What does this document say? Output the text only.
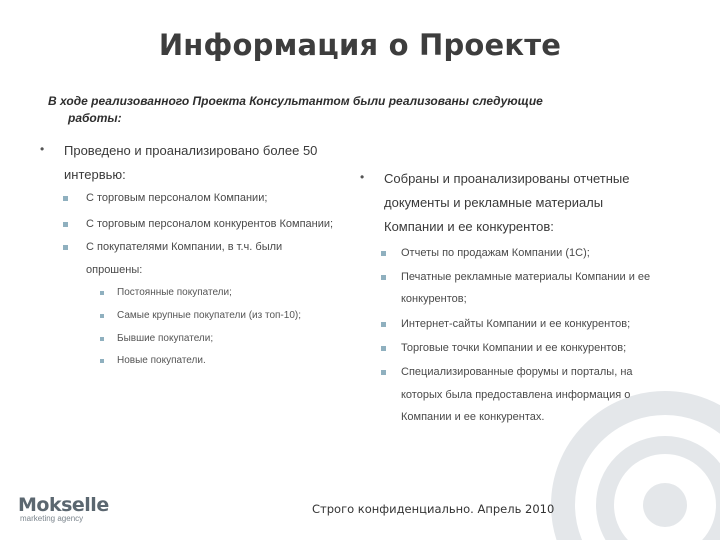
Информация о Проекте
В ходе реализованного Проекта Консультантом были реализованы следующие
работы:
• Проведено и проанализировано более 50
интервью:
С торговым персоналом Компании;
С торговым персоналом конкурентов Компании;
С покупателями Компании, в т.ч. были
опрошены:
Постоянные покупатели;
Самые крупные покупатели (из топ-10);
Бывшие покупатели;
Новые покупатели.
• Собраны и проанализированы отчетные
документы и рекламные материалы
Компании и ее конкурентов:
Отчеты по продажам Компании (1С);
Печатные рекламные материалы Компании и ее
конкурентов;
Интернет-сайты Компании и ее конкурентов;
Торговые точки Компании и ее конкурентов;
Специализированные форумы и порталы, на
которых была предоставлена информация о
Компании и ее конкурентах.
Mokselle
marketing agency
Строго конфиденциально. Апрель 2010
